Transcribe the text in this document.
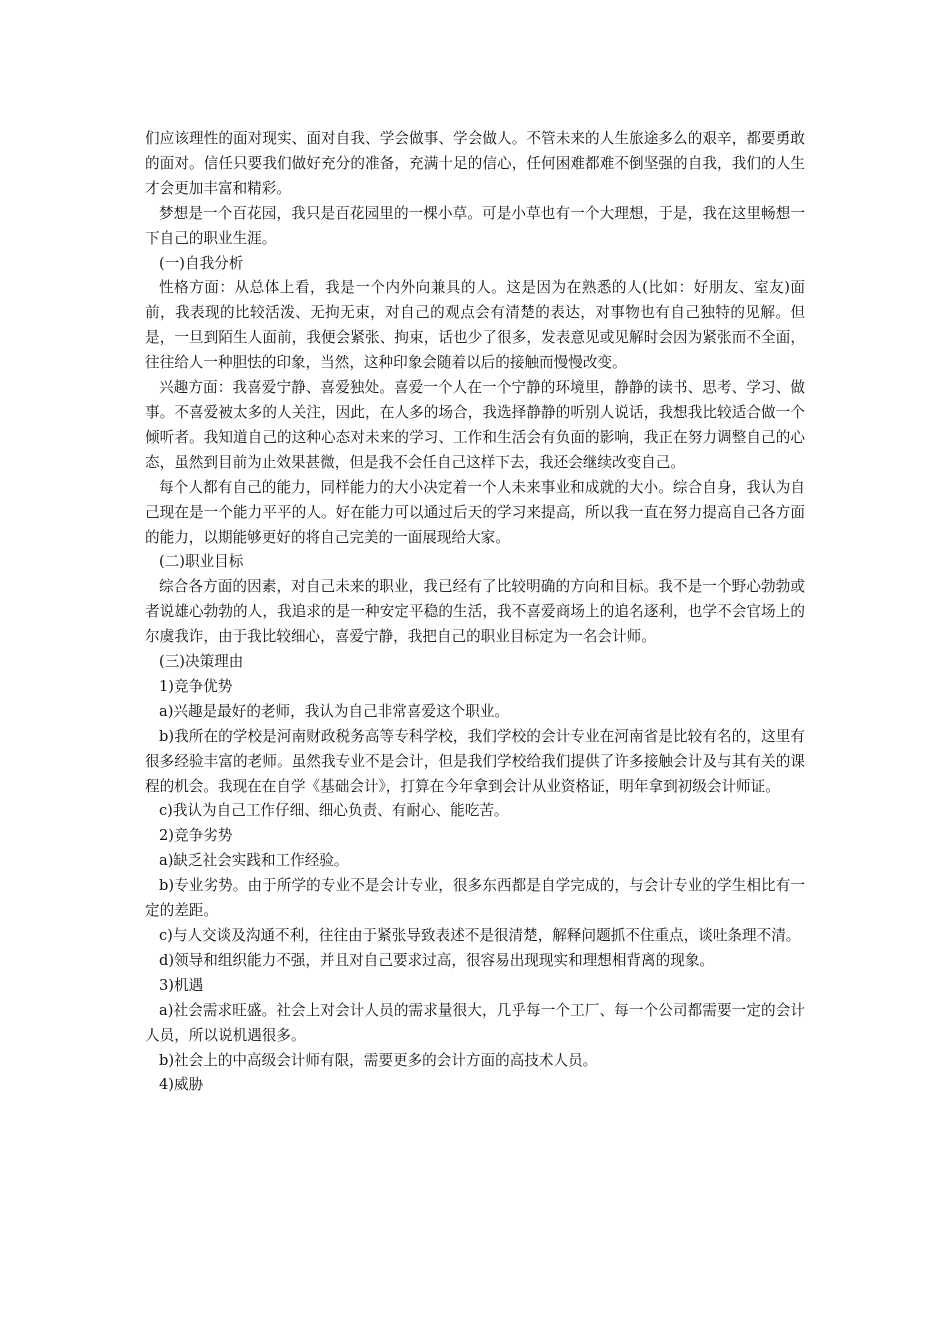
们应该理性的面对现实、面对自我、学会做事、学会做人。不管未来的人生旅途多么的艰辛，都要勇敢的面对。信任只要我们做好充分的准备，充满十足的信心，任何困难都难不倒坚强的自我，我们的人生才会更加丰富和精彩。

梦想是一个百花园，我只是百花园里的一棵小草。可是小草也有一个大理想，于是，我在这里畅想一下自己的职业生涯。

(一)自我分析

性格方面：从总体上看，我是一个内外向兼具的人。这是因为在熟悉的人(比如：好朋友、室友)面前，我表现的比较活泼、无拘无束，对自己的观点会有清楚的表达，对事物也有自己独特的见解。但是，一旦到陌生人面前，我便会紧张、拘束，话也少了很多，发表意见或见解时会因为紧张而不全面，往往给人一种胆怯的印象，当然，这种印象会随着以后的接触而慢慢改变。

兴趣方面：我喜爱宁静、喜爱独处。喜爱一个人在一个宁静的环境里，静静的读书、思考、学习、做事。不喜爱被太多的人关注，因此，在人多的场合，我选择静静的听别人说话，我想我比较适合做一个倾听者。我知道自己的这种心态对未来的学习、工作和生活会有负面的影响，我正在努力调整自己的心态，虽然到目前为止效果甚微，但是我不会任自己这样下去，我还会继续改变自己。

每个人都有自己的能力，同样能力的大小决定着一个人未来事业和成就的大小。综合自身，我认为自己现在是一个能力平平的人。好在能力可以通过后天的学习来提高，所以我一直在努力提高自己各方面的能力，以期能够更好的将自己完美的一面展现给大家。

(二)职业目标

综合各方面的因素，对自己未来的职业，我已经有了比较明确的方向和目标。我不是一个野心勃勃或者说雄心勃勃的人，我追求的是一种安定平稳的生活，我不喜爱商场上的追名逐利，也学不会官场上的尔虞我诈，由于我比较细心，喜爱宁静，我把自己的职业目标定为一名会计师。

(三)决策理由

1)竞争优势

a)兴趣是最好的老师，我认为自己非常喜爱这个职业。

b)我所在的学校是河南财政税务高等专科学校，我们学校的会计专业在河南省是比较有名的，这里有很多经验丰富的老师。虽然我专业不是会计，但是我们学校给我们提供了许多接触会计及与其有关的课程的机会。我现在在自学《基础会计》，打算在今年拿到会计从业资格证，明年拿到初级会计师证。

c)我认为自己工作仔细、细心负责、有耐心、能吃苦。

2)竞争劣势

a)缺乏社会实践和工作经验。

b)专业劣势。由于所学的专业不是会计专业，很多东西都是自学完成的，与会计专业的学生相比有一定的差距。

c)与人交谈及沟通不利，往往由于紧张导致表述不是很清楚，解释问题抓不住重点，谈吐条理不清。

d)领导和组织能力不强，并且对自己要求过高，很容易出现现实和理想相背离的现象。

3)机遇

a)社会需求旺盛。社会上对会计人员的需求量很大，几乎每一个工厂、每一个公司都需要一定的会计人员，所以说机遇很多。

b)社会上的中高级会计师有限，需要更多的会计方面的高技术人员。

4)威胁
